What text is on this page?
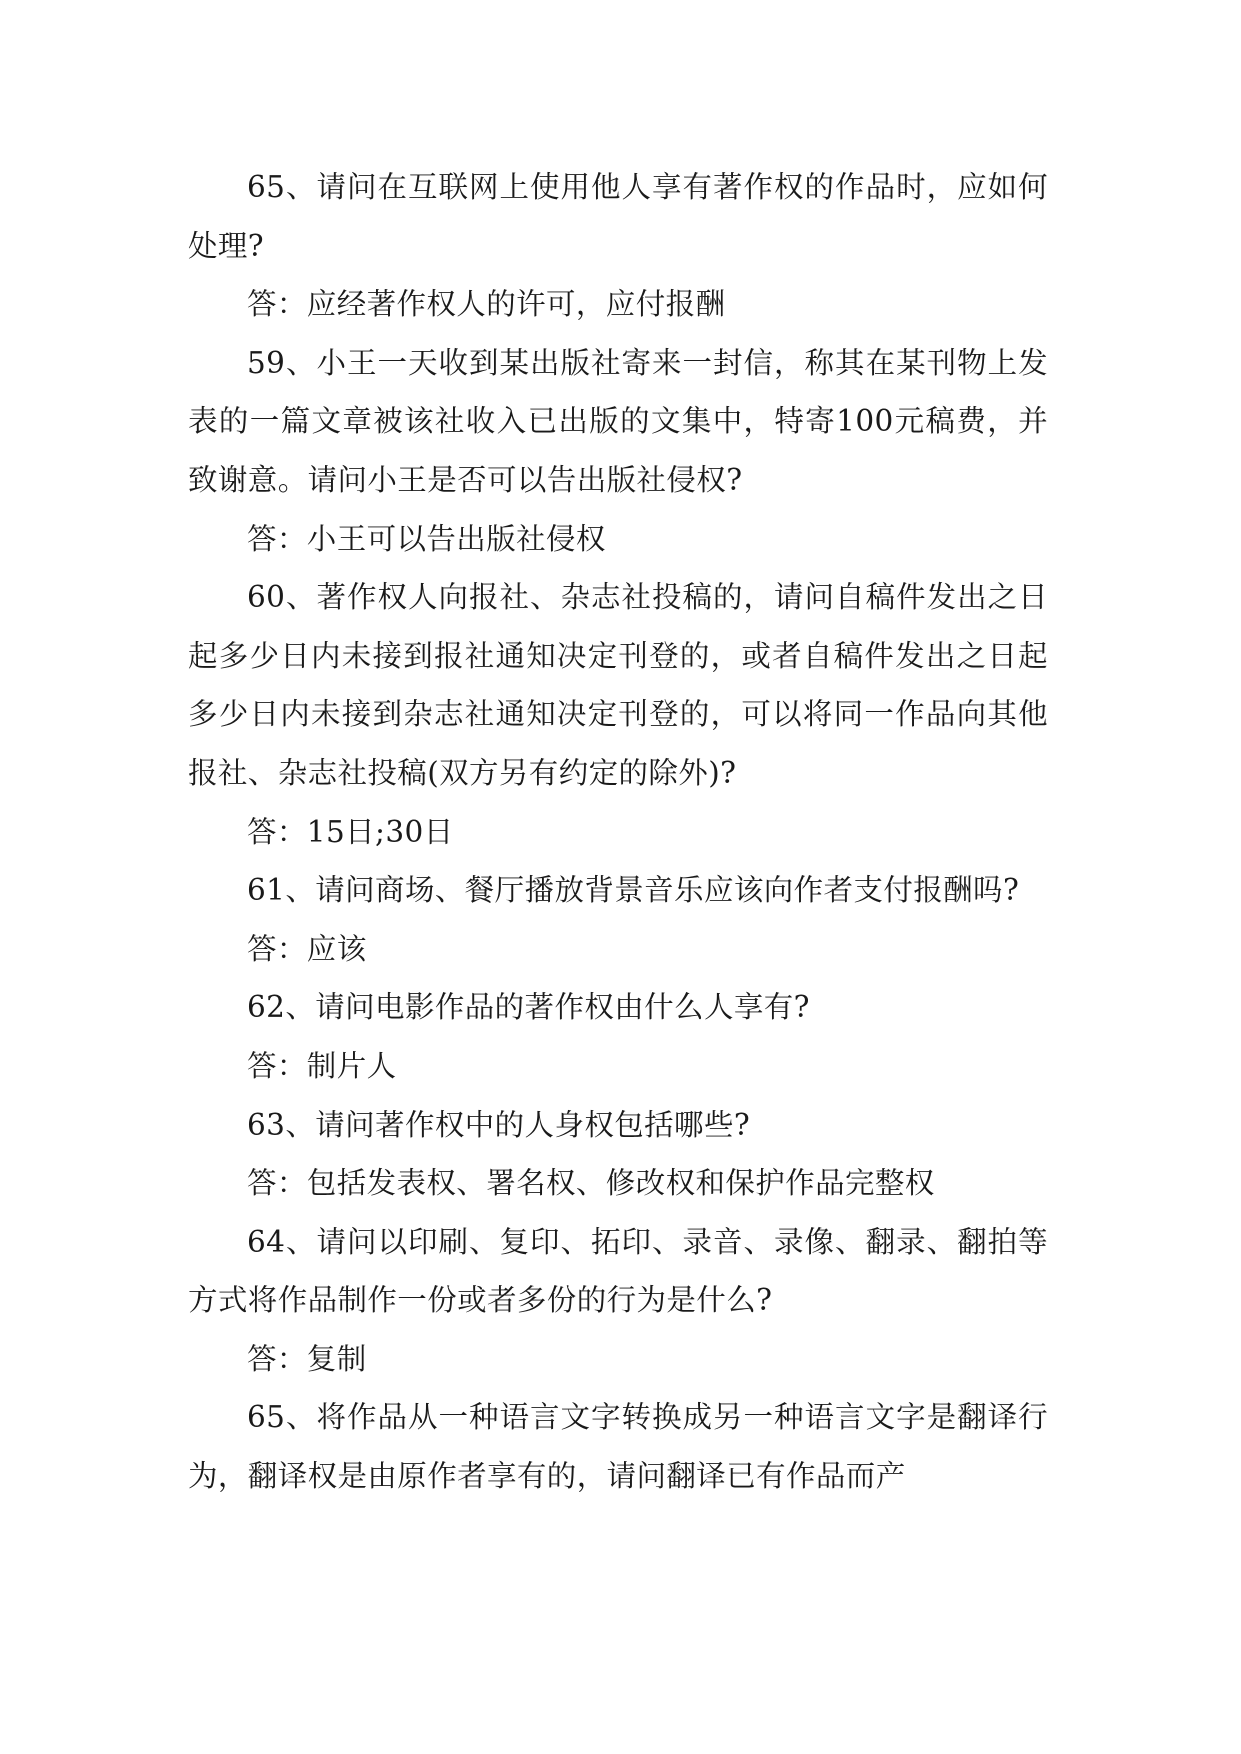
65、请问在互联网上使用他人享有著作权的作品时，应如何处理?

答：应经著作权人的许可，应付报酬

59、小王一天收到某出版社寄来一封信，称其在某刊物上发表的一篇文章被该社收入已出版的文集中，特寄100元稿费，并致谢意。请问小王是否可以告出版社侵权?

答：小王可以告出版社侵权

60、著作权人向报社、杂志社投稿的，请问自稿件发出之日起多少日内未接到报社通知决定刊登的，或者自稿件发出之日起多少日内未接到杂志社通知决定刊登的，可以将同一作品向其他报社、杂志社投稿(双方另有约定的除外)?

答：15日;30日

61、请问商场、餐厅播放背景音乐应该向作者支付报酬吗?

答：应该

62、请问电影作品的著作权由什么人享有?

答：制片人

63、请问著作权中的人身权包括哪些?

答：包括发表权、署名权、修改权和保护作品完整权

64、请问以印刷、复印、拓印、录音、录像、翻录、翻拍等方式将作品制作一份或者多份的行为是什么?

答：复制

65、将作品从一种语言文字转换成另一种语言文字是翻译行为，翻译权是由原作者享有的，请问翻译已有作品而产
